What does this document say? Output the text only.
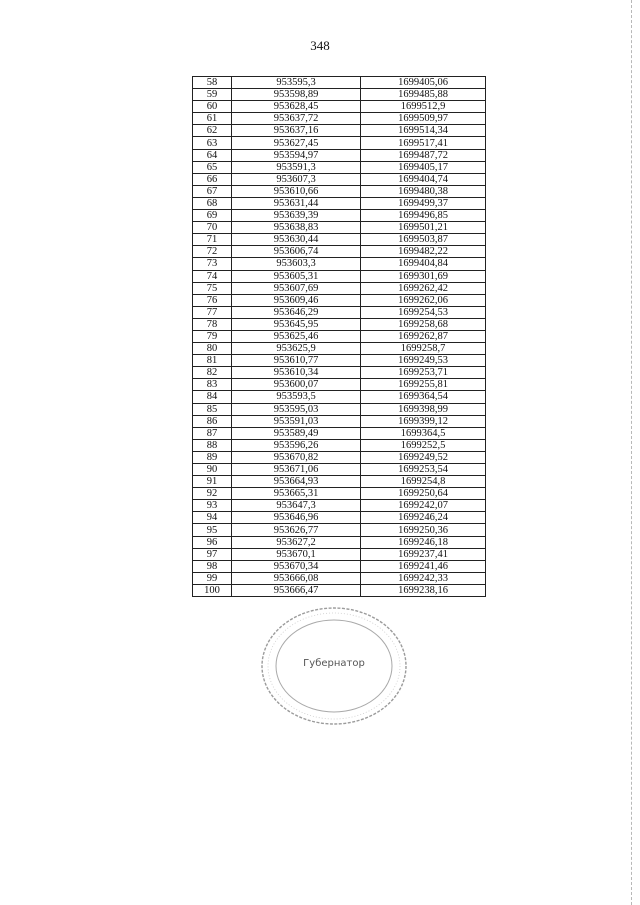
348
58	953595,3	1699405,06
59	953598,89	1699485,88
60	953628,45	1699512,9
61	953637,72	1699509,97
62	953637,16	1699514,34
63	953627,45	1699517,41
64	953594,97	1699487,72
65	953591,3	1699405,17
66	953607,3	1699404,74
67	953610,66	1699480,38
68	953631,44	1699499,37
69	953639,39	1699496,85
70	953638,83	1699501,21
71	953630,44	1699503,87
72	953606,74	1699482,22
73	953603,3	1699404,84
74	953605,31	1699301,69
75	953607,69	1699262,42
76	953609,46	1699262,06
77	953646,29	1699254,53
78	953645,95	1699258,68
79	953625,46	1699262,87
80	953625,9	1699258,7
81	953610,77	1699249,53
82	953610,34	1699253,71
83	953600,07	1699255,81
84	953593,5	1699364,54
85	953595,03	1699398,99
86	953591,03	1699399,12
87	953589,49	1699364,5
88	953596,26	1699252,5
89	953670,82	1699249,52
90	953671,06	1699253,54
91	953664,93	1699254,8
92	953665,31	1699250,64
93	953647,3	1699242,07
94	953646,96	1699246,24
95	953626,77	1699250,36
96	953627,2	1699246,18
97	953670,1	1699237,41
98	953670,34	1699241,46
99	953666,08	1699242,33
100	953666,47	1699238,16
Губернатор
